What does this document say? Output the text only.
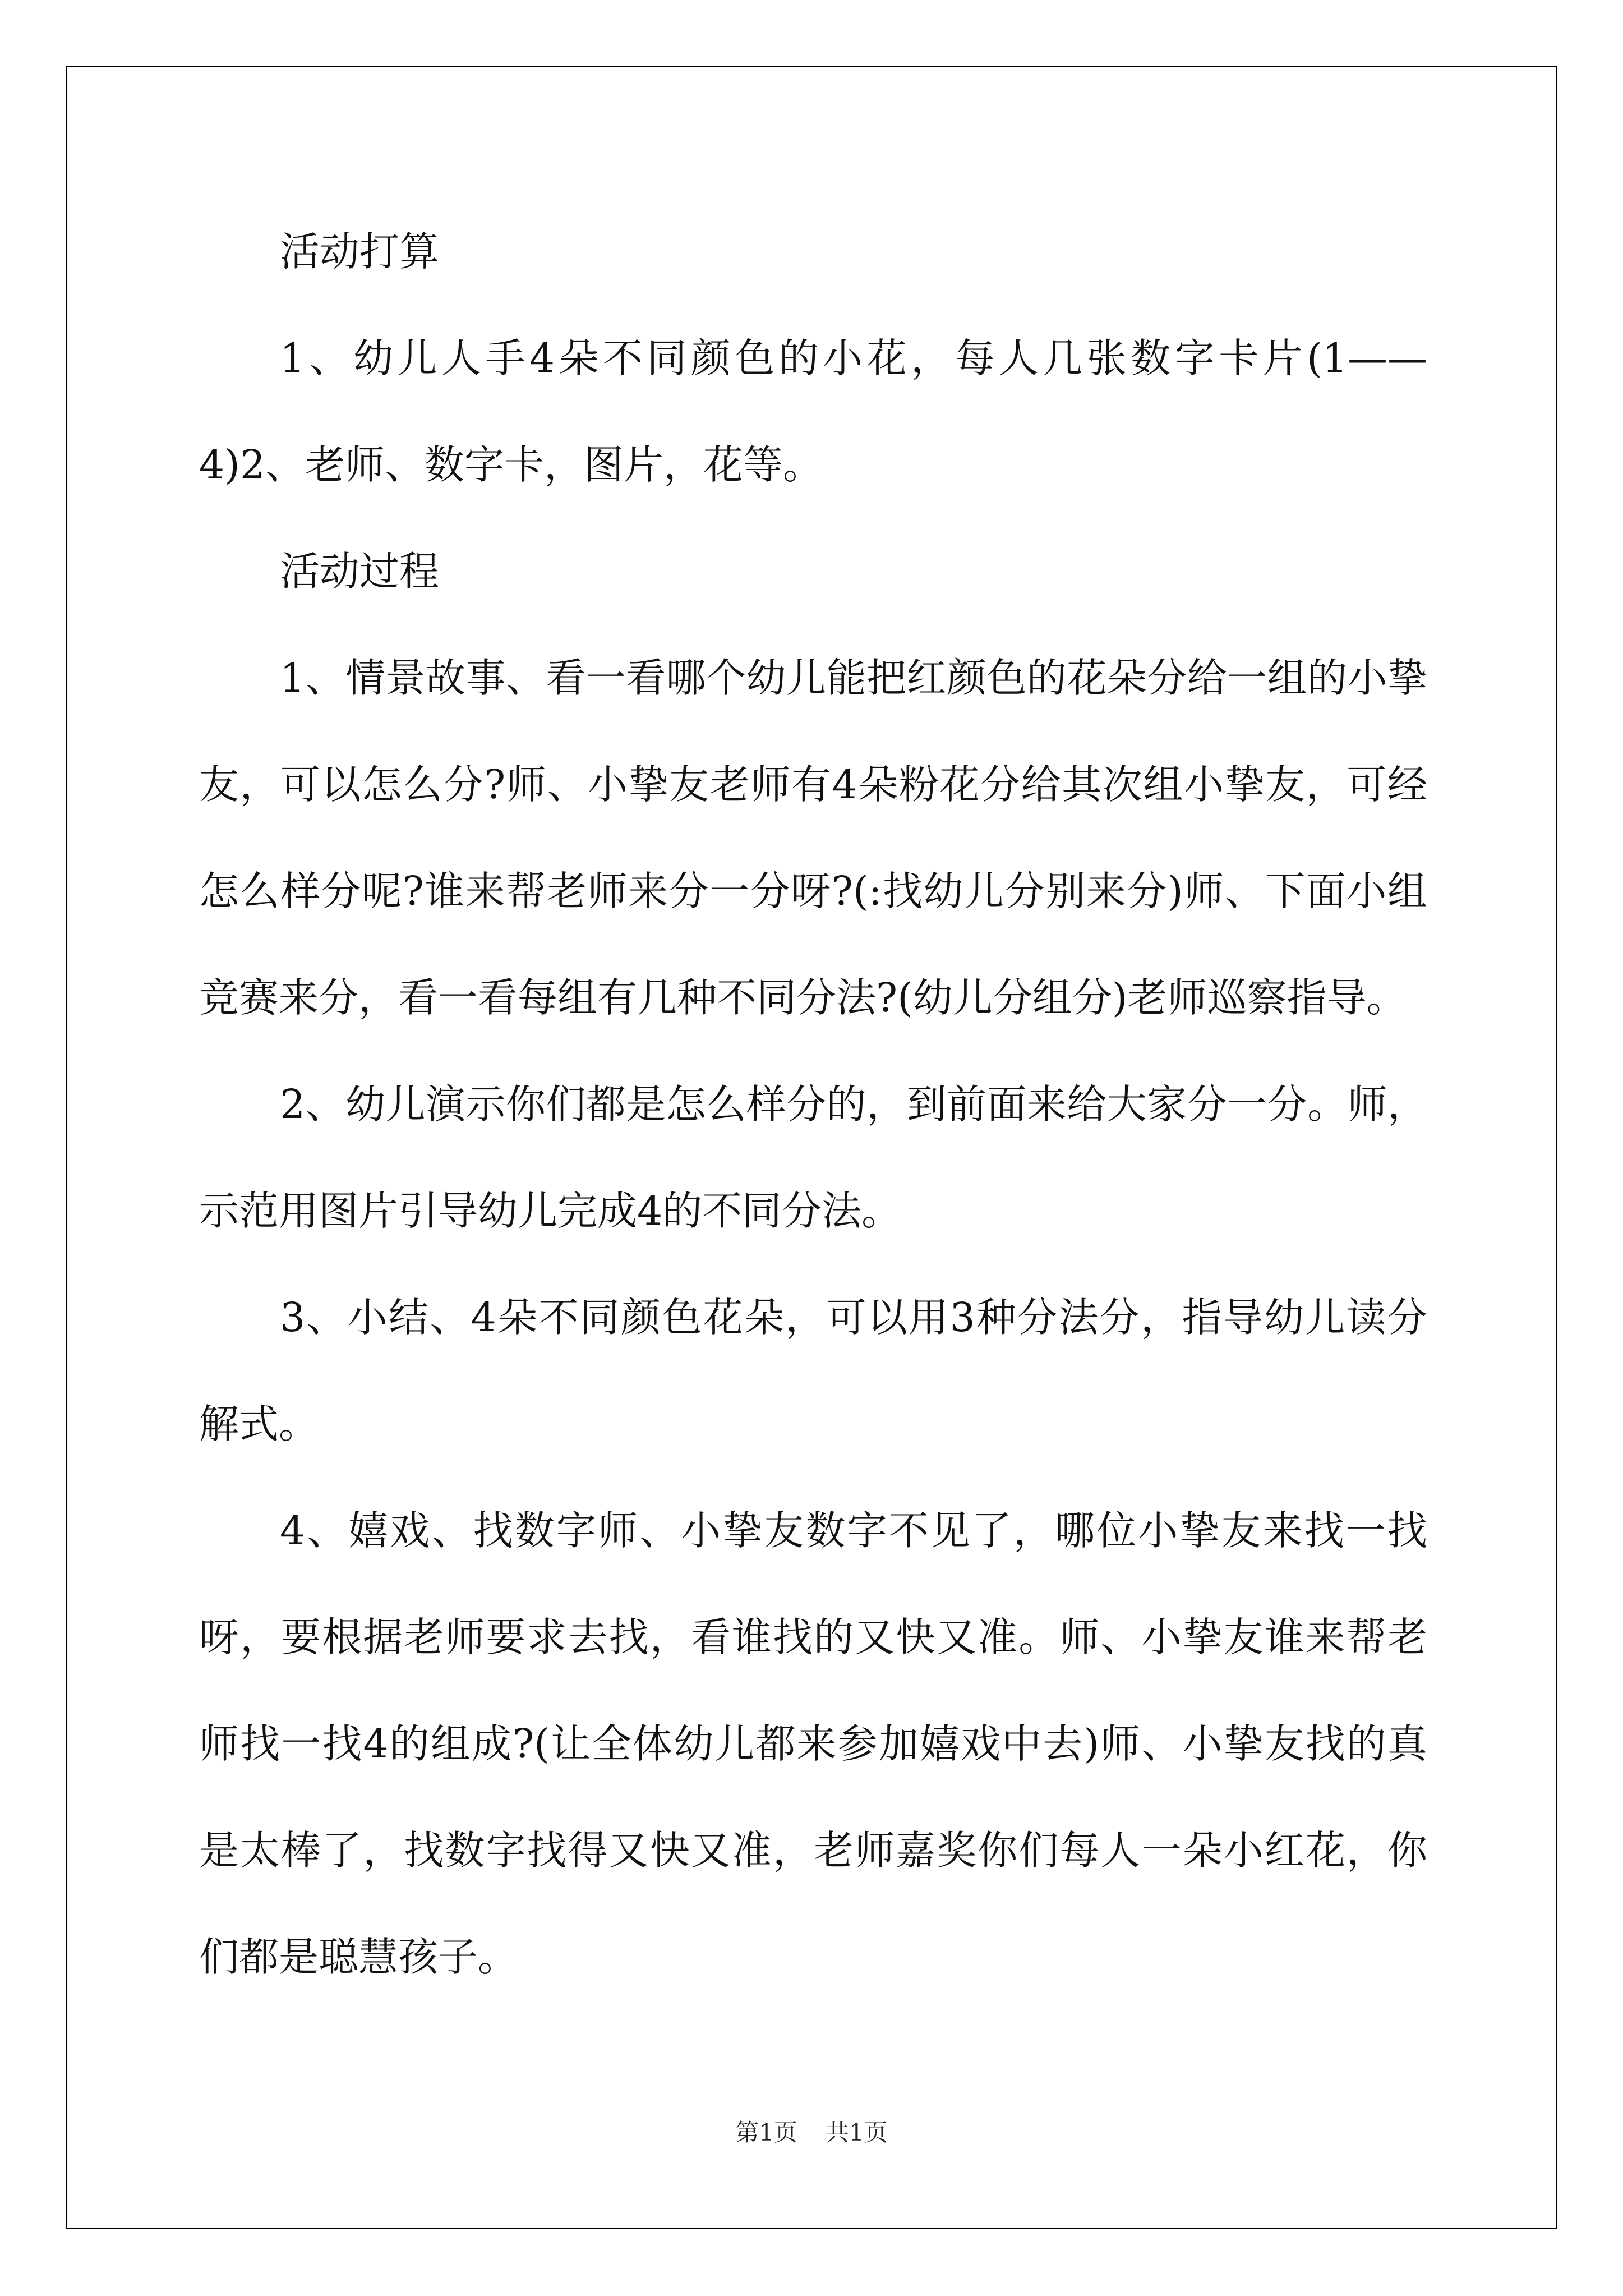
活动打算

1、幼儿人手4朵不同颜色的小花，每人几张数字卡片(1——4)2、老师、数字卡，图片，花等。

活动过程

1、情景故事、看一看哪个幼儿能把红颜色的花朵分给一组的小挚友，可以怎么分?师、小挚友老师有4朵粉花分给其次组小挚友，可经怎么样分呢?谁来帮老师来分一分呀?(:找幼儿分别来分)师、下面小组竞赛来分，看一看每组有几种不同分法?(幼儿分组分)老师巡察指导。

2、幼儿演示你们都是怎么样分的，到前面来给大家分一分。师，示范用图片引导幼儿完成4的不同分法。

3、小结、4朵不同颜色花朵，可以用3种分法分，指导幼儿读分解式。

4、嬉戏、找数字师、小挚友数字不见了，哪位小挚友来找一找呀，要根据老师要求去找，看谁找的又快又准。师、小挚友谁来帮老师找一找4的组成?(让全体幼儿都来参加嬉戏中去)师、小挚友找的真是太棒了，找数字找得又快又准，老师嘉奖你们每人一朵小红花，你们都是聪慧孩子。

第1页 共1页
